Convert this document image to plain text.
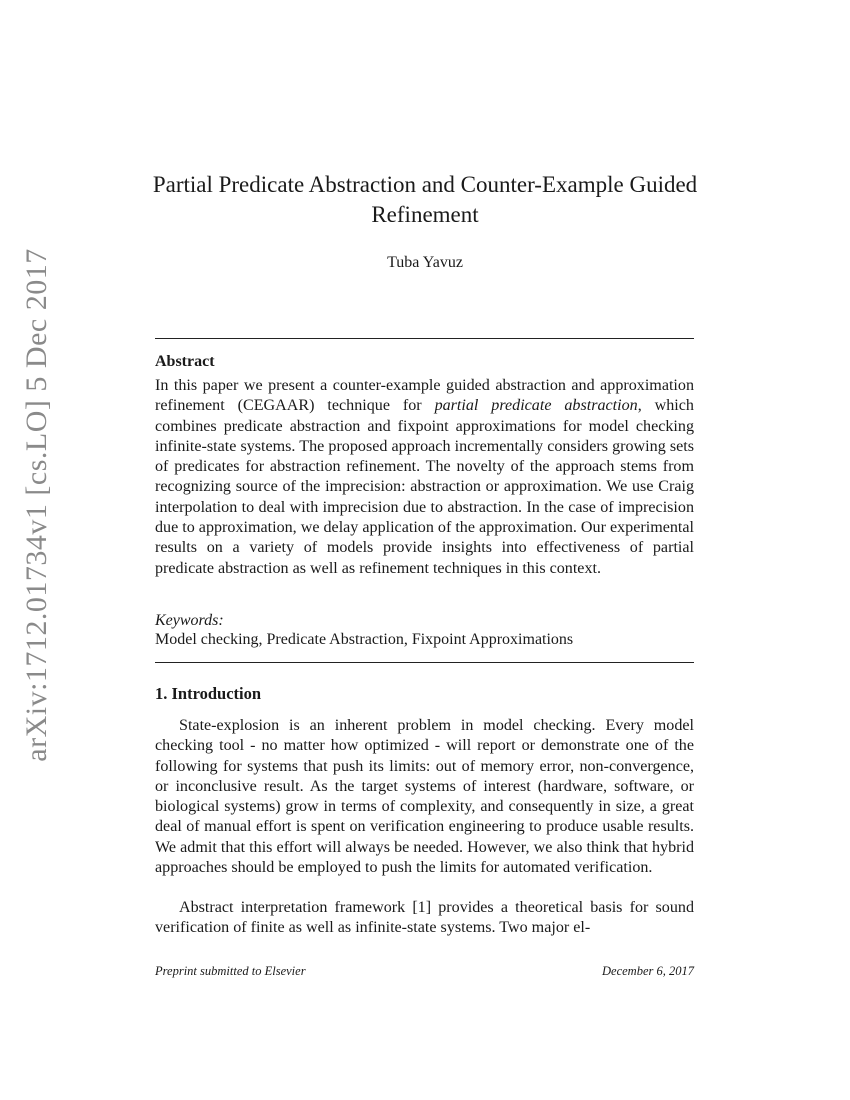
arXiv:1712.01734v1 [cs.LO] 5 Dec 2017
Partial Predicate Abstraction and Counter-Example Guided Refinement
Tuba Yavuz
Abstract
In this paper we present a counter-example guided abstraction and approximation refinement (CEGAAR) technique for partial predicate abstraction, which combines predicate abstraction and fixpoint approximations for model checking infinite-state systems. The proposed approach incrementally considers growing sets of predicates for abstraction refinement. The novelty of the approach stems from recognizing source of the imprecision: abstraction or approximation. We use Craig interpolation to deal with imprecision due to abstraction. In the case of imprecision due to approximation, we delay application of the approximation. Our experimental results on a variety of models provide insights into effectiveness of partial predicate abstraction as well as refinement techniques in this context.
Keywords:
Model checking, Predicate Abstraction, Fixpoint Approximations
1. Introduction
State-explosion is an inherent problem in model checking. Every model checking tool - no matter how optimized - will report or demonstrate one of the following for systems that push its limits: out of memory error, non-convergence, or inconclusive result. As the target systems of interest (hardware, software, or biological systems) grow in terms of complexity, and consequently in size, a great deal of manual effort is spent on verification engineering to produce usable results. We admit that this effort will always be needed. However, we also think that hybrid approaches should be employed to push the limits for automated verification.
Abstract interpretation framework [1] provides a theoretical basis for sound verification of finite as well as infinite-state systems. Two major el-
Preprint submitted to Elsevier	December 6, 2017
